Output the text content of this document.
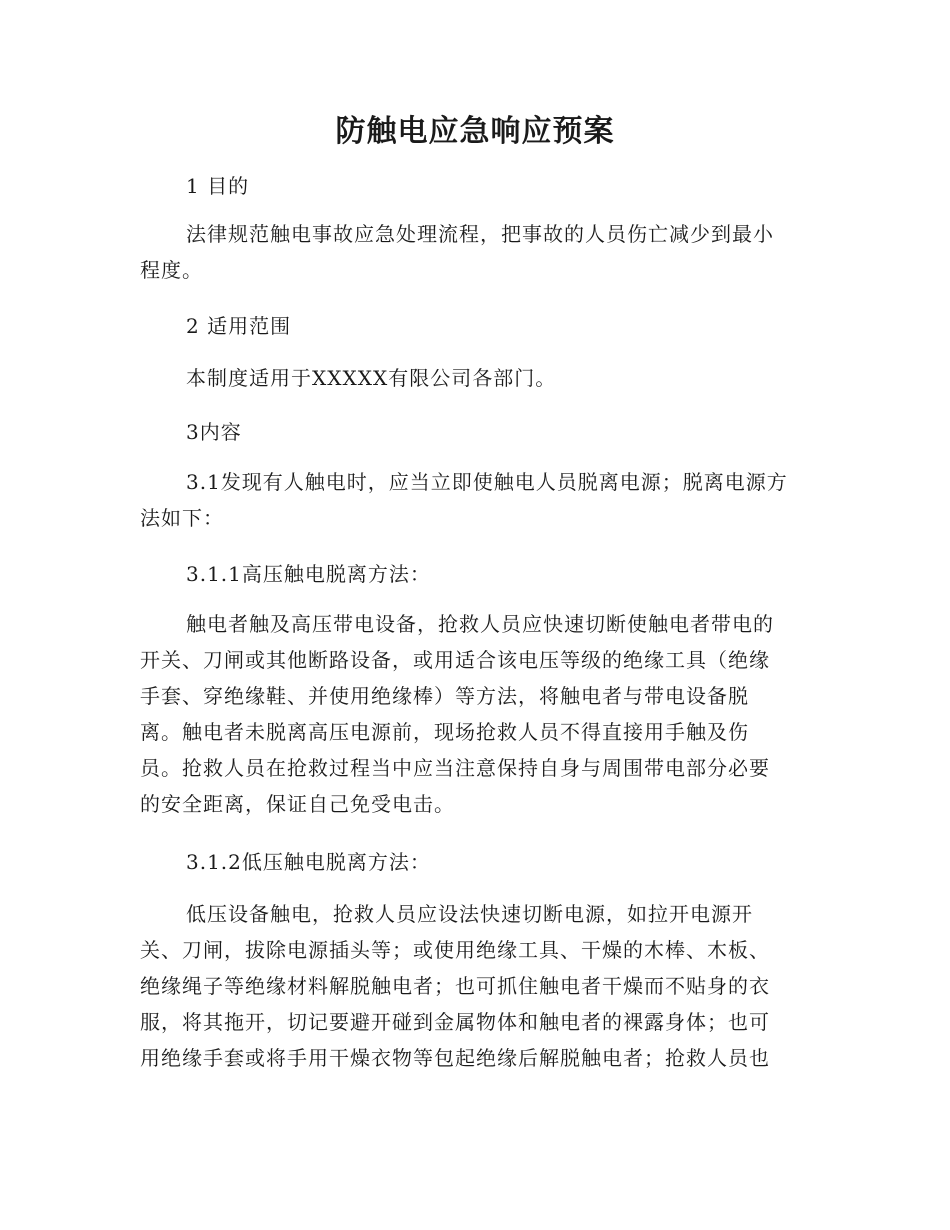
防触电应急响应预案
1 目的
法律规范触电事故应急处理流程，把事故的人员伤亡减少到最小
程度。
2 适用范围
本制度适用于XXXXX有限公司各部门。
3内容
3.1发现有人触电时，应当立即使触电人员脱离电源；脱离电源方
法如下：
3.1.1高压触电脱离方法：
触电者触及高压带电设备，抢救人员应快速切断使触电者带电的
开关、刀闸或其他断路设备，或用适合该电压等级的绝缘工具（绝缘
手套、穿绝缘鞋、并使用绝缘棒）等方法，将触电者与带电设备脱
离。触电者未脱离高压电源前，现场抢救人员不得直接用手触及伤
员。抢救人员在抢救过程当中应当注意保持自身与周围带电部分必要
的安全距离，保证自己免受电击。
3.1.2低压触电脱离方法：
低压设备触电，抢救人员应设法快速切断电源，如拉开电源开
关、刀闸，拔除电源插头等；或使用绝缘工具、干燥的木棒、木板、
绝缘绳子等绝缘材料解脱触电者；也可抓住触电者干燥而不贴身的衣
服，将其拖开，切记要避开碰到金属物体和触电者的裸露身体；也可
用绝缘手套或将手用干燥衣物等包起绝缘后解脱触电者；抢救人员也
